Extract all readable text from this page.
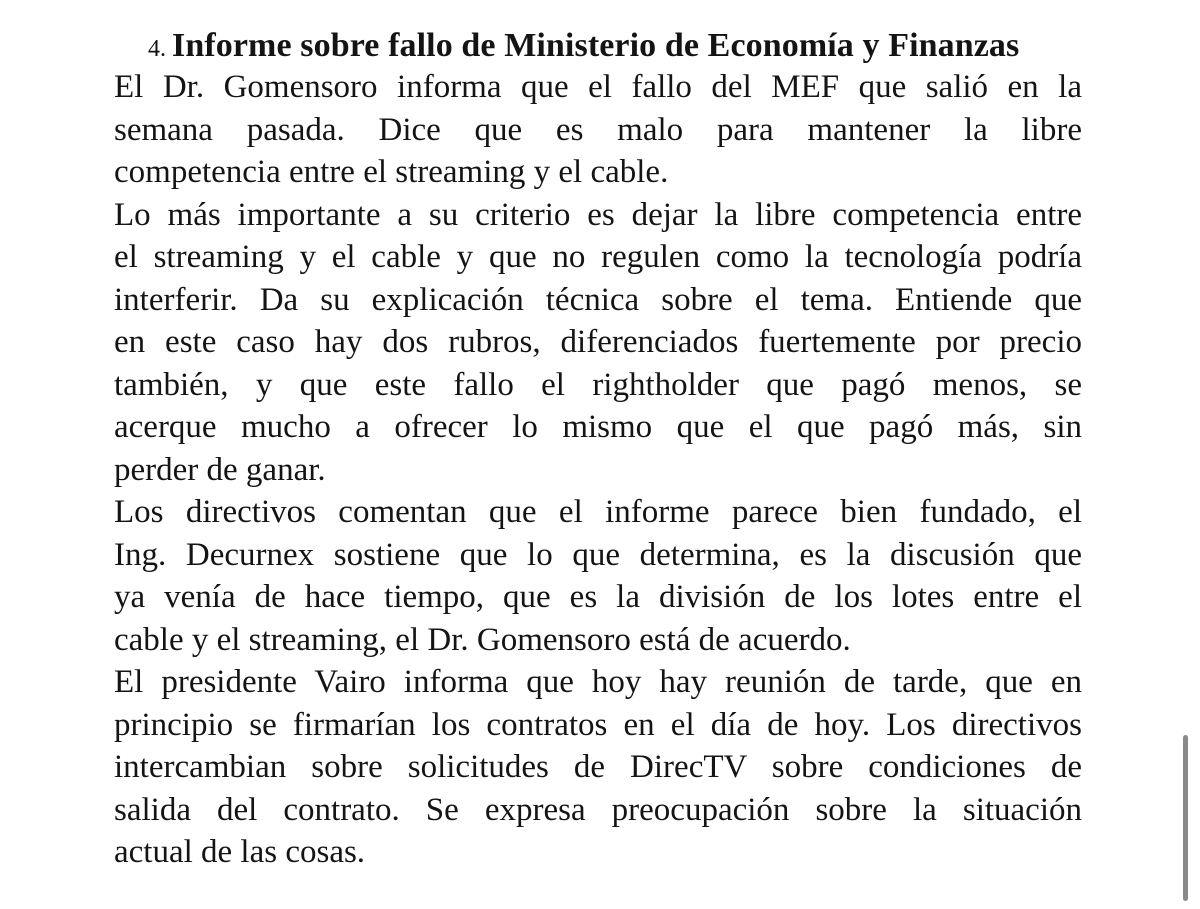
4. Informe sobre fallo de Ministerio de Economía y Finanzas
El Dr. Gomensoro informa que el fallo del MEF que salió en la
semana pasada. Dice que es malo para mantener la libre
competencia entre el streaming y el cable.
Lo más importante a su criterio es dejar la libre competencia entre
el streaming y el cable y que no regulen como la tecnología podría
interferir. Da su explicación técnica sobre el tema. Entiende que
en este caso hay dos rubros, diferenciados fuertemente por precio
también, y que este fallo el rightholder que pagó menos, se
acerque mucho a ofrecer lo mismo que el que pagó más, sin
perder de ganar.
Los directivos comentan que el informe parece bien fundado, el
Ing. Decurnex sostiene que lo que determina, es la discusión que
ya venía de hace tiempo, que es la división de los lotes entre el
cable y el streaming, el Dr. Gomensoro está de acuerdo.
El presidente Vairo informa que hoy hay reunión de tarde, que en
principio se firmarían los contratos en el día de hoy. Los directivos
intercambian sobre solicitudes de DirecTV sobre condiciones de
salida del contrato. Se expresa preocupación sobre la situación
actual de las cosas.
